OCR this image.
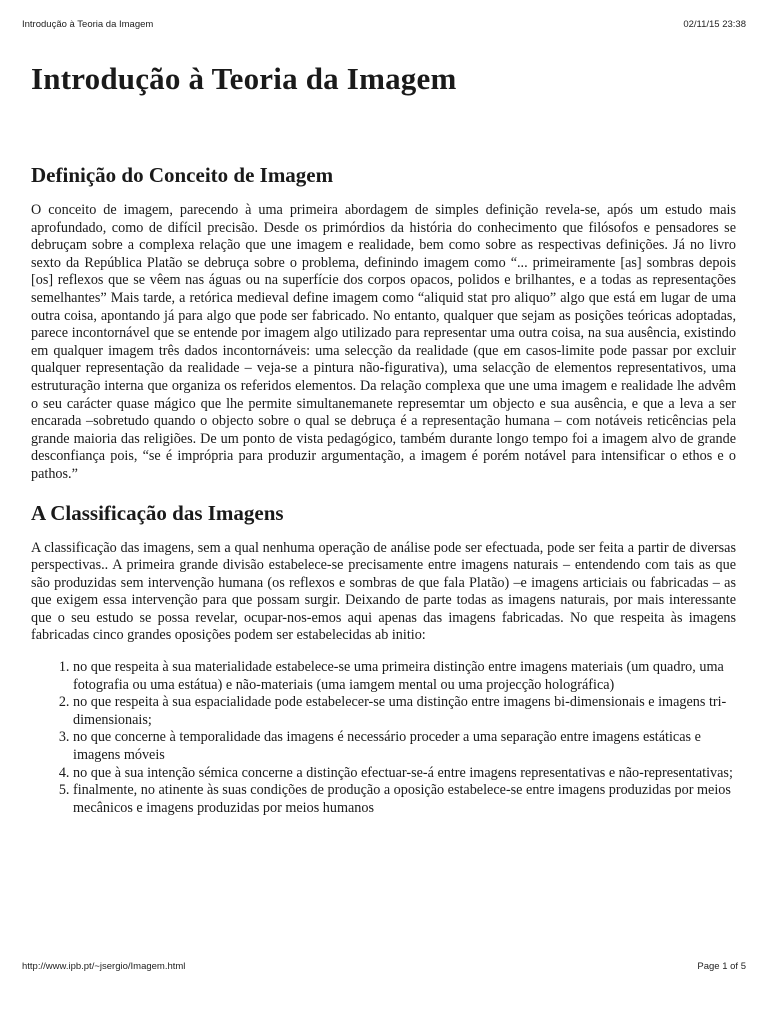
Introdução à Teoria da Imagem	02/11/15 23:38
Introdução à Teoria da Imagem
Definição do Conceito de Imagem

O conceito de imagem, parecendo à uma primeira abordagem de simples definição revela-se, após um estudo mais aprofundado, como de difícil precisão. Desde os primórdios da história do conhecimento que filósofos e pensadores se debruçam sobre a complexa relação que une imagem e realidade, bem como sobre as respectivas definições. Já no livro sexto da República Platão se debruça sobre o problema, definindo imagem como “... primeiramente [as] sombras depois [os] reflexos que se vêem nas águas ou na superfície dos corpos opacos, polidos e brilhantes, e a todas as representações semelhantes” Mais tarde, a retórica medieval define imagem como “aliquid stat pro aliquo” algo que está em lugar de uma outra coisa, apontando já para algo que pode ser fabricado. No entanto, qualquer que sejam as posições teóricas adoptadas, parece incontornável que se entende por imagem algo utilizado para representar uma outra coisa, na sua ausência, existindo em qualquer imagem três dados incontornáveis: uma selecção da realidade (que em casos-limite pode passar por excluir qualquer representação da realidade – veja-se a pintura não-figurativa), uma selacção de elementos representativos, uma estruturação interna que organiza os referidos elementos. Da relação complexa que une uma imagem e realidade lhe advêm o seu carácter quase mágico que lhe permite simultanemanete represemtar um objecto e sua ausência, e que a leva a ser encarada –sobretudo quando o objecto sobre o qual se debruça é a representação humana – com notáveis reticências pela grande maioria das religiões. De um ponto de vista pedagógico, também durante longo tempo foi a imagem alvo de grande desconfiança pois, “se é imprópria para produzir argumentação, a imagem é porém notável para intensificar o ethos e o pathos.”

A Classificação das Imagens

A classificação das imagens, sem a qual nenhuma operação de análise pode ser efectuada, pode ser feita a partir de diversas perspectivas.. A primeira grande divisão estabelece-se precisamente entre imagens naturais – entendendo com tais as que são produzidas sem intervenção humana (os reflexos e sombras de que fala Platão) –e imagens articiais ou fabricadas – as que exigem essa intervenção para que possam surgir. Deixando de parte todas as imagens naturais, por mais interessante que o seu estudo se possa revelar, ocupar-nos-emos aqui apenas das imagens fabricadas. No que respeita às imagens fabricadas cinco grandes oposições podem ser estabelecidas ab initio:

1. no que respeita à sua materialidade estabelece-se uma primeira distinção entre imagens materiais (um quadro, uma fotografia ou uma estátua) e não-materiais (uma iamgem mental ou uma projecção holográfica)
2. no que respeita à sua espacialidade pode estabelecer-se uma distinção entre imagens bi-dimensionais e imagens tri-dimensionais;
3. no que concerne à temporalidade das imagens é necessário proceder a uma separação entre imagens estáticas e imagens móveis
4. no que à sua intenção sémica concerne a distinção efectuar-se-á entre imagens representativas e não-representativas;
5. finalmente, no atinente às suas condições de produção a oposição estabelece-se entre imagens produzidas por meios mecânicos e imagens produzidas por meios humanos
http://www.ipb.pt/~jsergio/Imagem.html	Page 1 of 5
